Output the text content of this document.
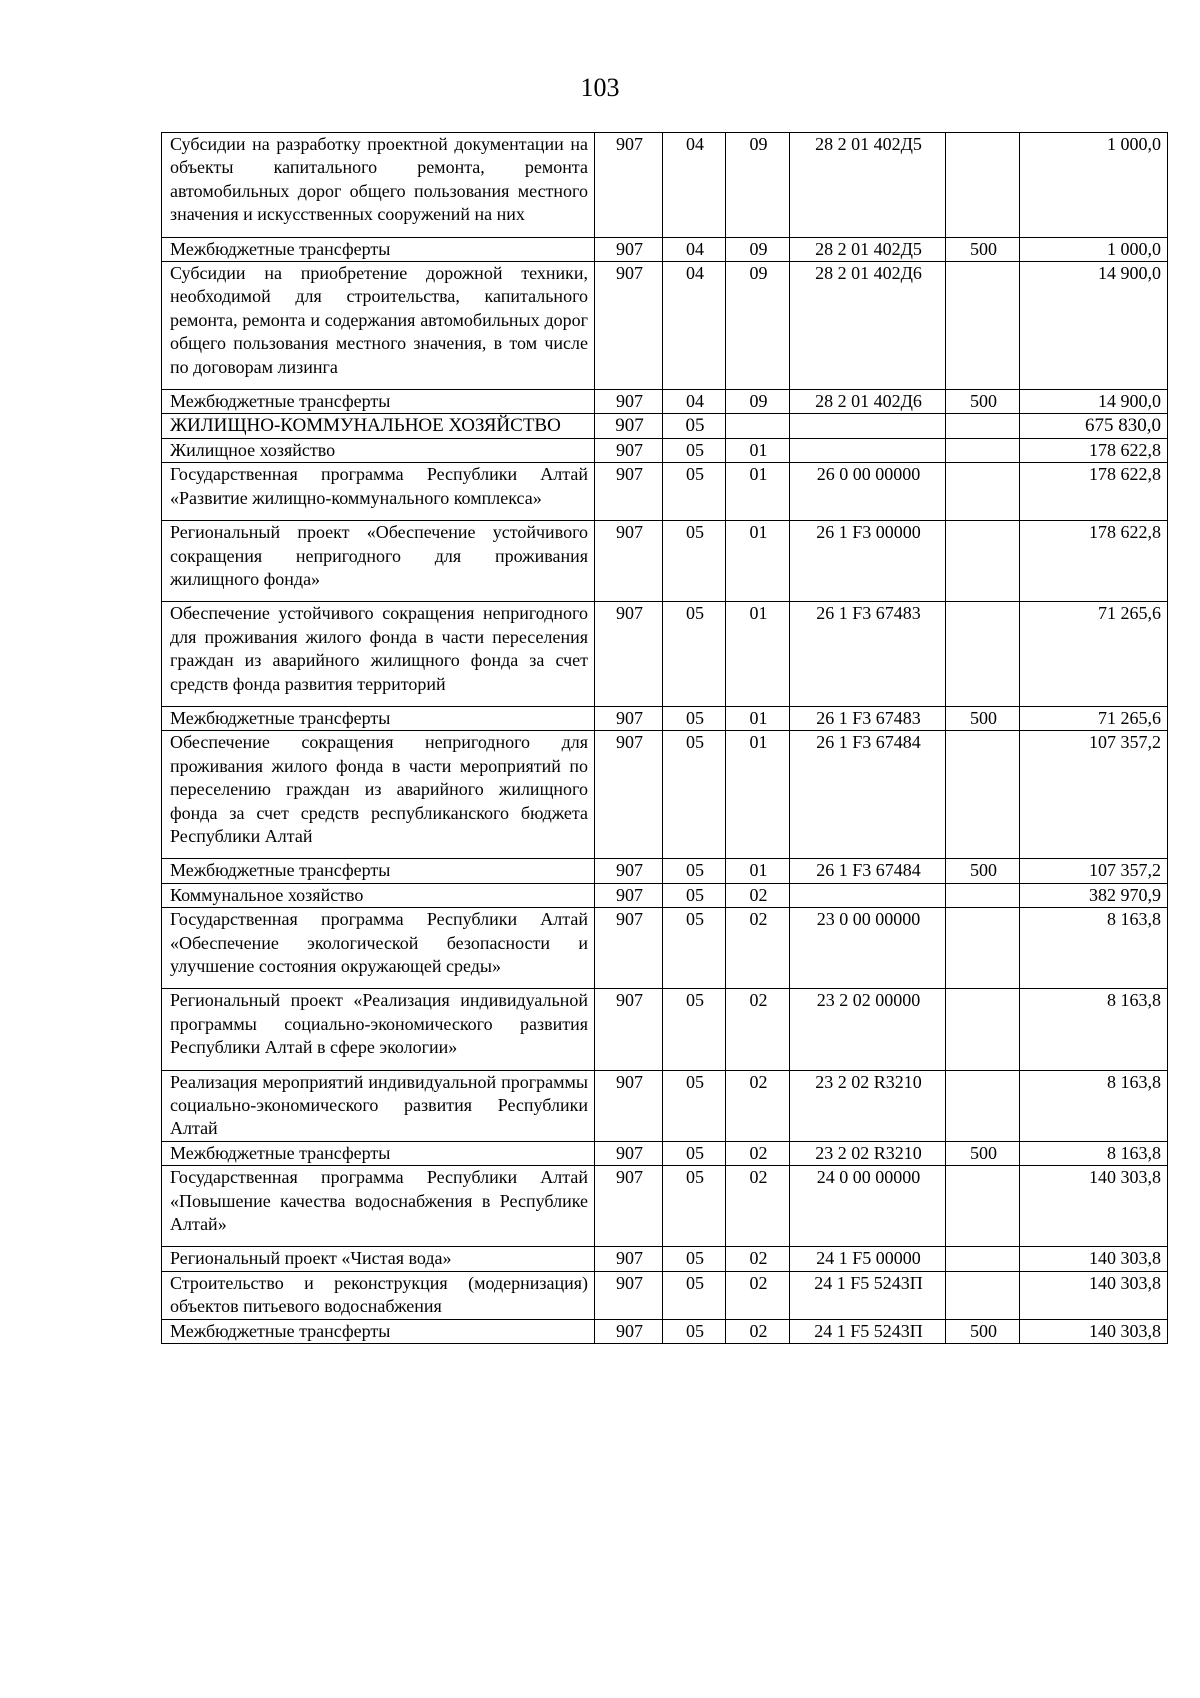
103
Субсидии на разработку проектной документации на объекты капитального ремонта, ремонта автомобильных дорог общего пользования местного значения и искусственных сооружений на них	907	04	09	28 2 01 402Д5		1 000,0
Межбюджетные трансферты	907	04	09	28 2 01 402Д5	500	1 000,0
Субсидии на приобретение дорожной техники, необходимой для строительства, капитального ремонта, ремонта и содержания автомобильных дорог общего пользования местного значения, в том числе по договорам лизинга	907	04	09	28 2 01 402Д6		14 900,0
Межбюджетные трансферты	907	04	09	28 2 01 402Д6	500	14 900,0
ЖИЛИЩНО-КОММУНАЛЬНОЕ ХОЗЯЙСТВО	907	05				675 830,0
Жилищное хозяйство	907	05	01			178 622,8
Государственная программа Республики Алтай «Развитие жилищно-коммунального комплекса»	907	05	01	26 0 00 00000		178 622,8
Региональный проект «Обеспечение устойчивого сокращения непригодного для проживания жилищного фонда»	907	05	01	26 1 F3 00000		178 622,8
Обеспечение устойчивого сокращения непригодного для проживания жилого фонда в части переселения граждан из аварийного жилищного фонда за счет средств фонда развития территорий	907	05	01	26 1 F3 67483		71 265,6
Межбюджетные трансферты	907	05	01	26 1 F3 67483	500	71 265,6
Обеспечение сокращения непригодного для проживания жилого фонда в части мероприятий по переселению граждан из аварийного жилищного фонда за счет средств республиканского бюджета Республики Алтай	907	05	01	26 1 F3 67484		107 357,2
Межбюджетные трансферты	907	05	01	26 1 F3 67484	500	107 357,2
Коммунальное хозяйство	907	05	02			382 970,9
Государственная программа Республики Алтай «Обеспечение экологической безопасности и улучшение состояния окружающей среды»	907	05	02	23 0 00 00000		8 163,8
Региональный проект «Реализация индивидуальной программы социально-экономического развития Республики Алтай в сфере экологии»	907	05	02	23 2 02 00000		8 163,8
Реализация мероприятий индивидуальной программы социально-экономического развития Республики Алтай	907	05	02	23 2 02 R3210		8 163,8
Межбюджетные трансферты	907	05	02	23 2 02 R3210	500	8 163,8
Государственная программа Республики Алтай «Повышение качества водоснабжения в Республике Алтай»	907	05	02	24 0 00 00000		140 303,8
Региональный проект «Чистая вода»	907	05	02	24 1 F5 00000		140 303,8
Строительство и реконструкция (модернизация) объектов питьевого водоснабжения	907	05	02	24 1 F5 5243П		140 303,8
Межбюджетные трансферты	907	05	02	24 1 F5 5243П	500	140 303,8
